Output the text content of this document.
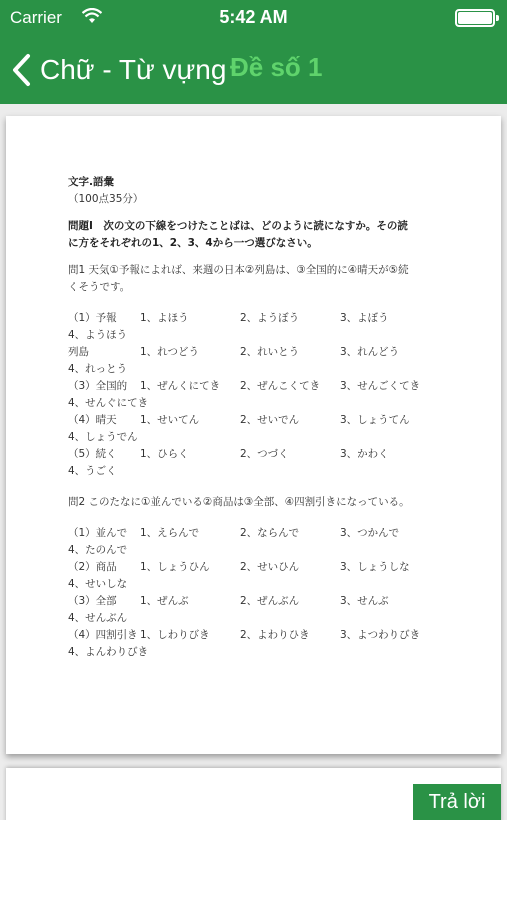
Carrier	5:42 AM
Chữ - Từ vựng Đề số 1
文字.語彙
（100点35分）
問題Ⅰ　次の文の下線をつけたことばは、どのように読になすか。その読
に方をそれぞれの1、2、3、4から一つ選びなさい。
問1 天気①予報によれば、来週の日本②列島は、③全国的に④晴天が⑤続
くそうです。
（1）予報 1、よほう	2、ようぼう	3、よぼう
4、ようほう
列島	1、れつどう	2、れいとう	3、れんどう
4、れっとう
（3）全国的 1、ぜんくにてき 2、ぜんこくてき 3、せんごくてき
4、せんぐにてき
（4）晴天 1、せいてん	2、せいでん	3、しょうてん
4、しょうでん
（5）続く 1、ひらく	2、つづく	3、かわく
4、うごく
問2 このたなに①並んでいる②商品は③全部、④四割引きになっている。
（1）並んで 1、えらんで	2、ならんで	3、つかんで
4、たのんで
（2）商品 1、しょうひん	2、せいひん	3、しょうしな
4、せいしな
（3）全部 1、ぜんぶ	2、ぜんぶん	3、せんぶ
4、せんぶん
（4）四割引き 1、しわりびき	2、よわりひき	3、よつわりびき
4、よんわりびき
Trả lời
